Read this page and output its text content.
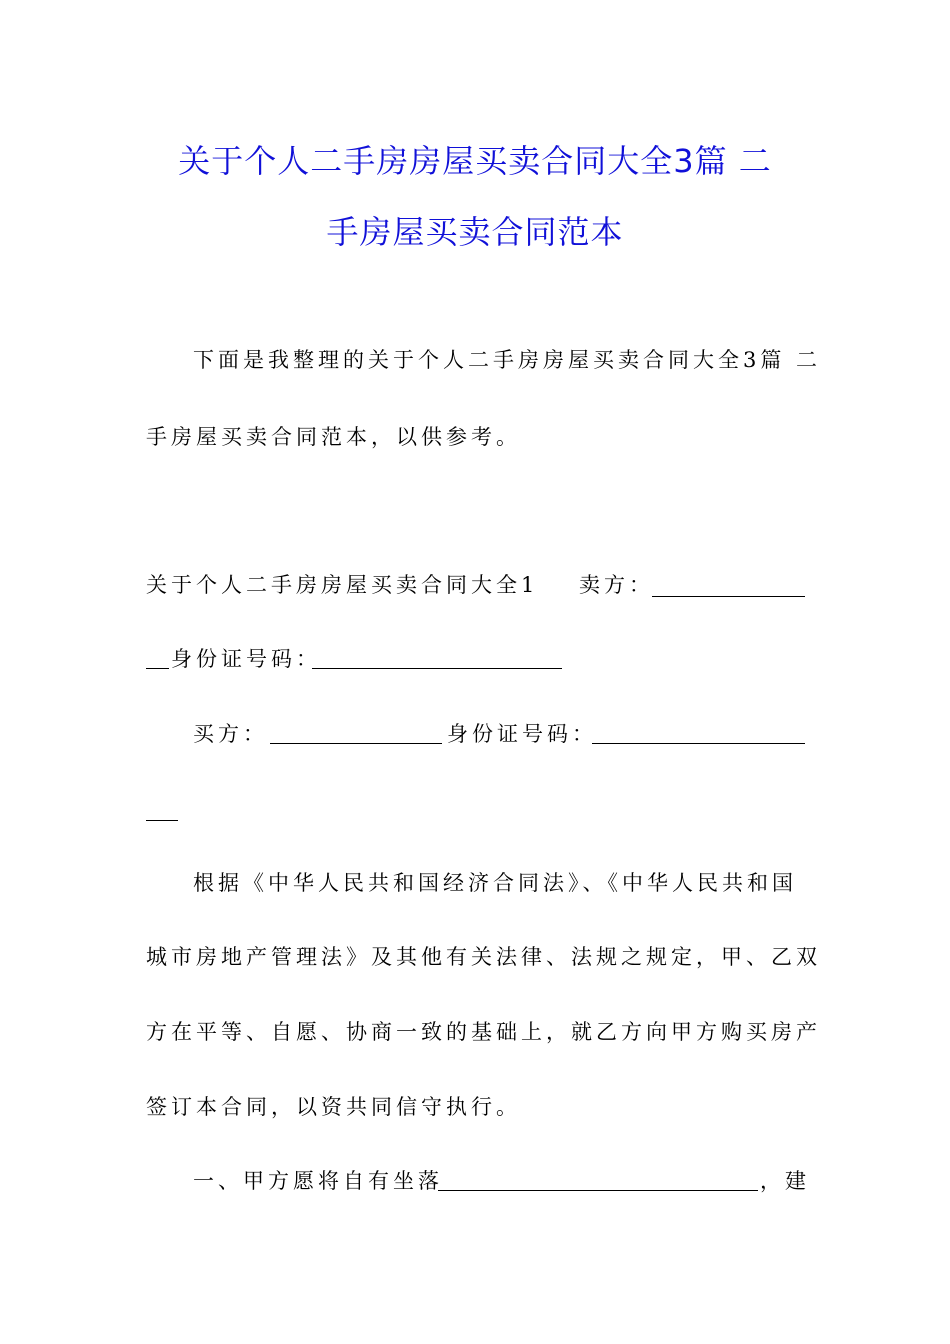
关于个人二手房房屋买卖合同大全3篇 二
手房屋买卖合同范本
下面是我整理的关于个人二手房房屋买卖合同大全3篇 二
手房屋买卖合同范本，以供参考。
关于个人二手房房屋买卖合同大全1 卖方：
身份证号码：
买方：	身份证号码：
根据《中华人民共和国经济合同法》、《中华人民共和国
城市房地产管理法》及其他有关法律、法规之规定，甲、乙双
方在平等、自愿、协商一致的基础上，就乙方向甲方购买房产
签订本合同，以资共同信守执行。
一、甲方愿将自有坐落	，建
